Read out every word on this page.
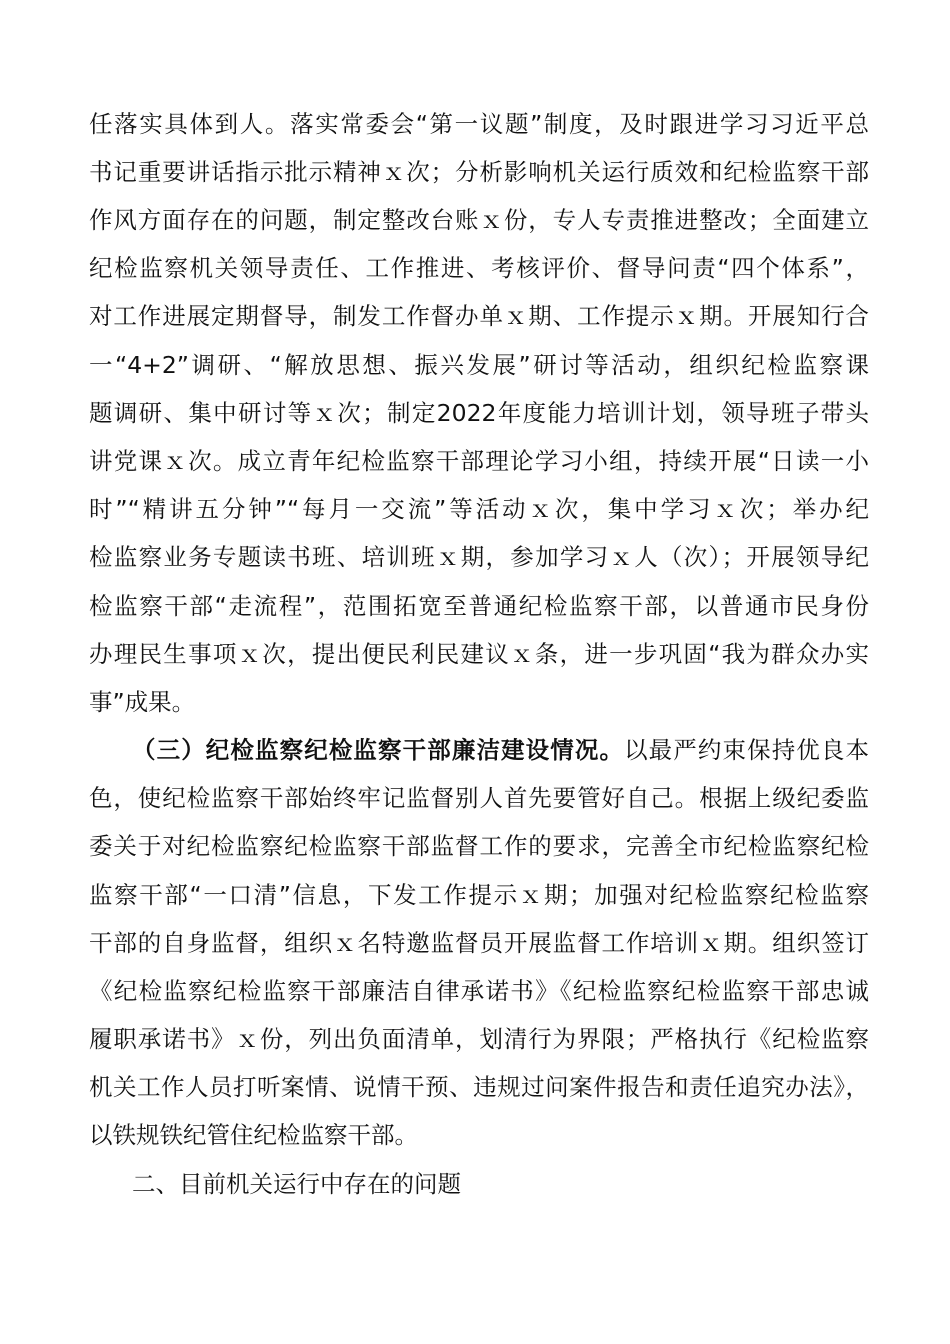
任落实具体到人。落实常委会“第一议题”制度，及时跟进学习习近平总
书记重要讲话指示批示精神ｘ次；分析影响机关运行质效和纪检监察干部
作风方面存在的问题，制定整改台账ｘ份，专人专责推进整改；全面建立
纪检监察机关领导责任、工作推进、考核评价、督导问责“四个体系”，
对工作进展定期督导，制发工作督办单ｘ期、工作提示ｘ期。开展知行合
一“4+2”调研、“解放思想、振兴发展”研讨等活动，组织纪检监察课
题调研、集中研讨等ｘ次；制定2022年度能力培训计划，领导班子带头
讲党课ｘ次。成立青年纪检监察干部理论学习小组，持续开展“日读一小
时”“精讲五分钟”“每月一交流”等活动ｘ次，集中学习ｘ次；举办纪
检监察业务专题读书班、培训班ｘ期，参加学习ｘ人（次）；开展领导纪
检监察干部“走流程”，范围拓宽至普通纪检监察干部，以普通市民身份
办理民生事项ｘ次，提出便民利民建议ｘ条，进一步巩固“我为群众办实
事”成果。
（三）纪检监察纪检监察干部廉洁建设情况。以最严约束保持优良本
色，使纪检监察干部始终牢记监督别人首先要管好自己。根据上级纪委监
委关于对纪检监察纪检监察干部监督工作的要求，完善全市纪检监察纪检
监察干部“一口清”信息，下发工作提示ｘ期；加强对纪检监察纪检监察
干部的自身监督，组织ｘ名特邀监督员开展监督工作培训ｘ期。组织签订
《纪检监察纪检监察干部廉洁自律承诺书》《纪检监察纪检监察干部忠诚
履职承诺书》ｘ份，列出负面清单，划清行为界限；严格执行《纪检监察
机关工作人员打听案情、说情干预、违规过问案件报告和责任追究办法》，
以铁规铁纪管住纪检监察干部。
二、目前机关运行中存在的问题
